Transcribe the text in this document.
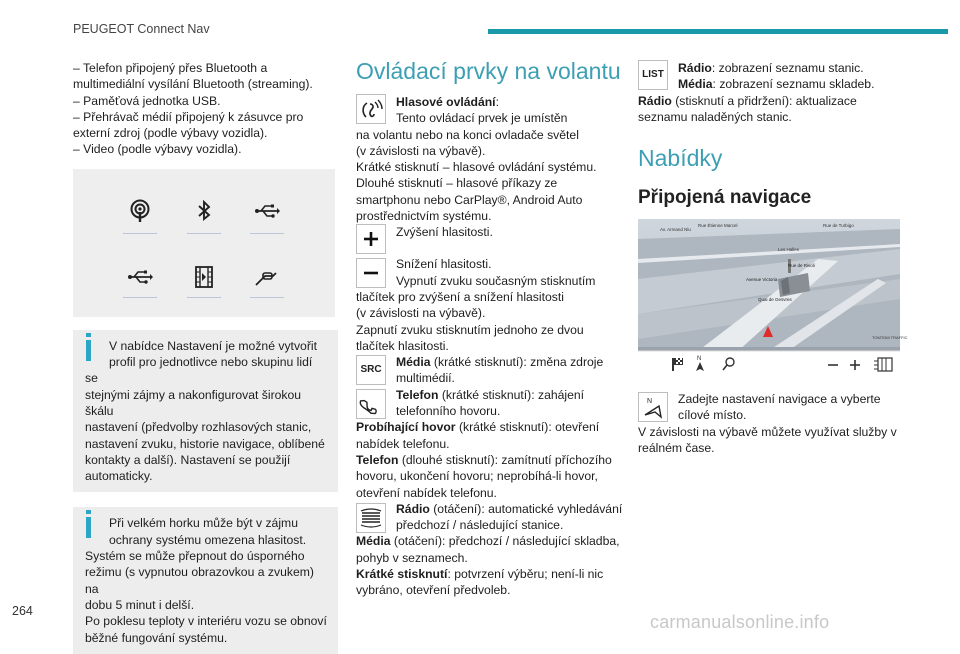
PEUGEOT Connect Nav

– Telefon připojený přes Bluetooth a

multimediální vysílání Bluetooth (streaming).

– Paměťová jednotka USB.

– Přehrávač médií připojený k zásuvce pro

externí zdroj (podle výbavy vozidla).

– Video (podle výbavy vozidla).

V nabídce Nastavení je možné vytvořit

profil pro jednotlivce nebo skupinu lidí se

stejnými zájmy a nakonfigurovat širokou škálu

nastavení (předvolby rozhlasových stanic,

nastavení zvuku, historie navigace, oblíbené

kontakty a další). Nastavení se použijí

automaticky.

Při velkém horku může být v zájmu

ochrany systému omezena hlasitost.

Systém se může přepnout do úsporného

režimu (s vypnutou obrazovkou a zvukem) na

dobu 5 minut i delší.

Po poklesu teploty v interiéru vozu se obnoví

běžné fungování systému.

Ovládací prvky na volantu

Hlasové ovládání:

Tento ovládací prvek je umístěn

na volantu nebo na konci ovladače světel

(v závislosti na výbavě).

Krátké stisknutí – hlasové ovládání systému.

Dlouhé stisknutí – hlasové příkazy ze

smartphonu nebo CarPlay®, Android Auto

prostřednictvím systému.

Zvýšení hlasitosti.

Snížení hlasitosti.

Vypnutí zvuku současným stisknutím

tlačítek pro zvýšení a snížení hlasitosti

(v závislosti na výbavě).

Zapnutí zvuku stisknutím jednoho ze dvou

tlačítek hlasitosti.

SRC

Média (krátké stisknutí): změna zdroje

multimédií.

Telefon (krátké stisknutí): zahájení

telefonního hovoru.

Probíhající hovor (krátké stisknutí): otevření

nabídek telefonu.

Telefon (dlouhé stisknutí): zamítnutí příchozího

hovoru, ukončení hovoru; neprobíhá-li hovor,

otevření nabídek telefonu.

Rádio (otáčení): automatické vyhledávání

předchozí / následující stanice.

Média (otáčení): předchozí / následující skladba,

pohyb v seznamech.

Krátké stisknutí: potvrzení výběru; není-li nic

vybráno, otevření předvoleb.

LIST	Rádio: zobrazení seznamu stanic.

Média: zobrazení seznamu skladeb.

Rádio (stisknutí a přidržení): aktualizace

seznamu naladěných stanic.

Nabídky
Připojená navigace
Av. Armand Nlu
Rue Étienne Marcel	Rue de Turbigo
Les Halles
Rue de Rivoli
Avenue Victoria
Quai de Gesvres
TOMTOM TRAFFIC
N
N	Zadejte nastavení navigace a vyberte

cílové místo.

V závislosti na výbavě můžete využívat služby v

reálném čase.

264
carmanualsonline.info
